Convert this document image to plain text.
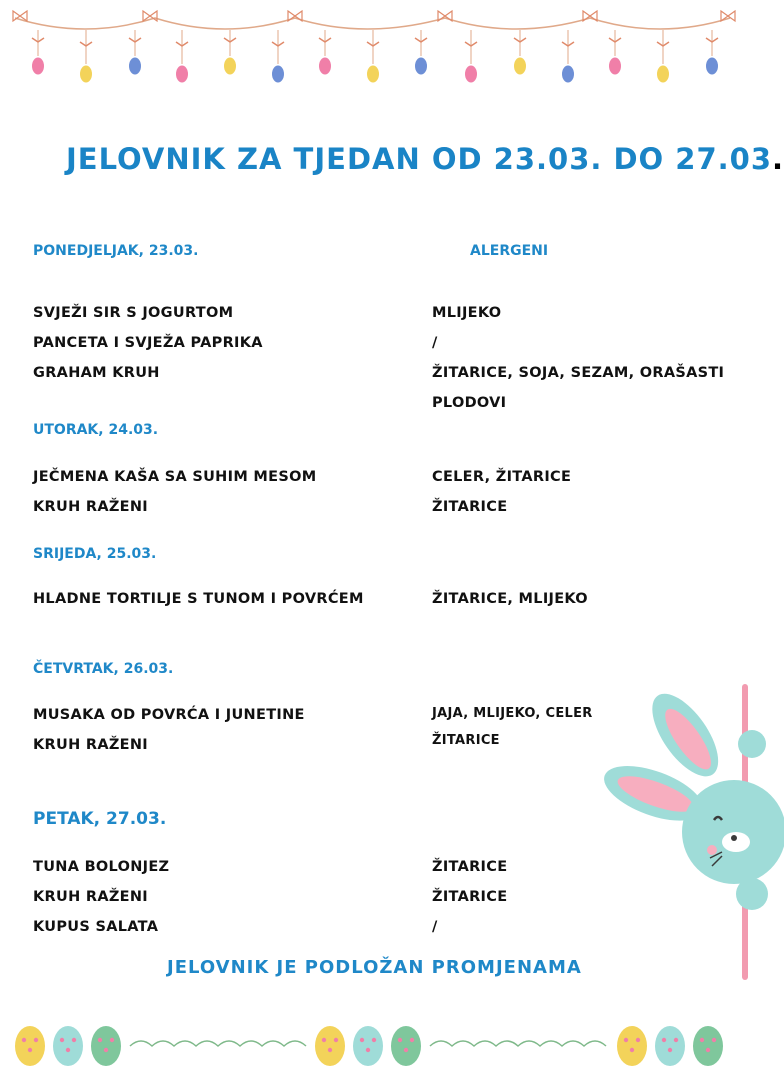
JELOVNIK ZA TJEDAN OD 23.03. DO 27.03.
ALERGENI
PONEDJELJAK, 23.03.
SVJEŽI SIR S JOGURTOM	MLIJEKO
PANCETA I SVJEŽA PAPRIKA	/
GRAHAM KRUH	ŽITARICE, SOJA, SEZAM, ORAŠASTI
PLODOVI
UTORAK, 24.03.
JEČMENA KAŠA SA SUHIM MESOM	CELER, ŽITARICE
KRUH RAŽENI	ŽITARICE
SRIJEDA, 25.03.
HLADNE TORTILJE S TUNOM I POVRĆEM	ŽITARICE, MLIJEKO
ČETVRTAK, 26.03.
MUSAKA OD POVRĆA I JUNETINE	JAJA, MLIJEKO, CELER
KRUH RAŽENI	ŽITARICE
PETAK, 27.03.
TUNA BOLONJEZ	ŽITARICE
KRUH RAŽENI	ŽITARICE
KUPUS SALATA	/
JELOVNIK JE PODLOŽAN PROMJENAMA
